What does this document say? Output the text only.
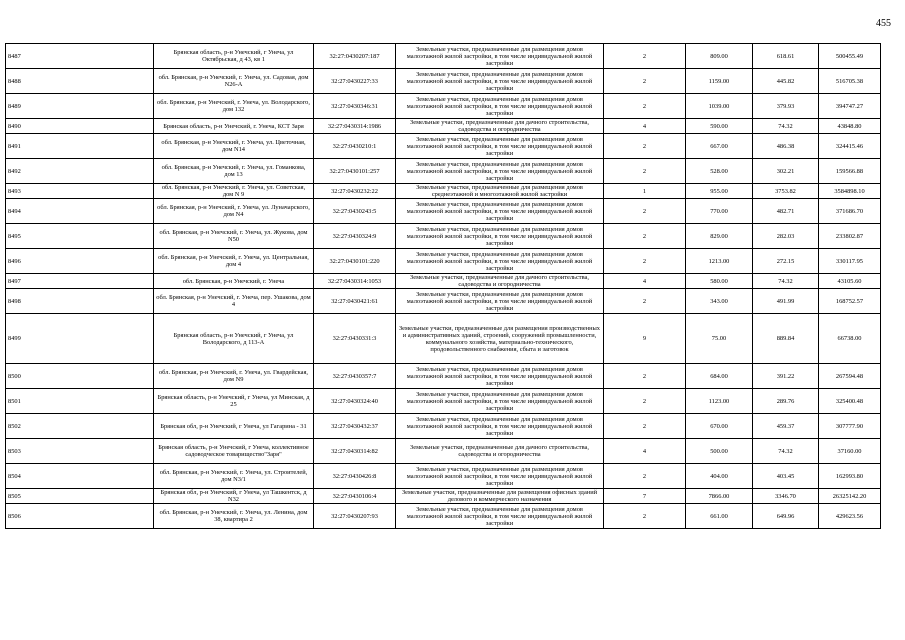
455
8487	Брянская область, р-н Унечский, г Унеча, ул Октябрьская, д 43, кв 1	32:27:0430207:187	Земельные участки, предназначенные для размещения домов малоэтажной жилой застройки, в том числе индивидуальной жилой застройки	2	809.00	618.61	500455.49
8488	обл. Брянская, р-н Унечский, г. Унеча, ул. Садовая, дом N26-А	32:27:0430227:33	Земельные участки, предназначенные для размещения домов малоэтажной жилой застройки, в том числе индивидуальной жилой застройки	2	1159.00	445.82	516705.38
8489	обл. Брянская, р-н Унечский, г. Унеча, ул. Володарского, дом 132	32:27:0430346:31	Земельные участки, предназначенные для размещения домов малоэтажной жилой застройки, в том числе индивидуальной жилой застройки	2	1039.00	379.93	394747.27
8490	Брянская область, р-н Унечский, г. Унеча, КСТ Заря	32:27:0430314:1986	Земельные участки, предназначенные для дачного строительства, садоводства и огородничества	4	590.00	74.32	43848.80
8491	обл. Брянская, р-н Унечский, г. Унеча, ул. Цветочная, дом N14	32:27:0430210:1	Земельные участки, предназначенные для размещения домов малоэтажной жилой застройки, в том числе индивидуальной жилой застройки	2	667.00	486.38	324415.46
8492	обл. Брянская, р-н Унечский, г. Унеча, ул. Гоманкова, дом 13	32:27:0430101:257	Земельные участки, предназначенные для размещения домов малоэтажной жилой застройки, в том числе индивидуальной жилой застройки	2	528.00	302.21	159566.88
8493	обл. Брянская, р-н Унечский, г. Унеча, ул. Советская, дом N 9	32:27:0430232:22	Земельные участки, предназначенные для размещения домов среднеэтажной и многоэтажной жилой застройки	1	955.00	3753.82	3584898.10
8494	обл. Брянская, р-н Унечский, г. Унеча, ул. Луначарского, дом N4	32:27:0430243:5	Земельные участки, предназначенные для размещения домов малоэтажной жилой застройки, в том числе индивидуальной жилой застройки	2	770.00	482.71	371686.70
8495	обл. Брянская, р-н Унечский, г. Унеча, ул. Жукова, дом N50	32:27:0430324:9	Земельные участки, предназначенные для размещения домов малоэтажной жилой застройки, в том числе индивидуальной жилой застройки	2	829.00	282.03	233802.87
8496	обл. Брянская, р-н Унечский, г. Унеча, ул. Центральная, дом 4	32:27:0430101:220	Земельные участки, предназначенные для размещения домов малоэтажной жилой застройки, в том числе индивидуальной жилой застройки	2	1213.00	272.15	330117.95
8497	обл. Брянская, р-н Унечский, г. Унеча	32:27:0430314:1053	Земельные участки, предназначенные для дачного строительства, садоводства и огородничества	4	580.00	74.32	43105.60
8498	обл. Брянская, р-н Унечский, г. Унеча, пер. Ушакова, дом 4	32:27:0430421:61	Земельные участки, предназначенные для размещения домов малоэтажной жилой застройки, в том числе индивидуальной жилой застройки	2	343.00	491.99	168752.57
8499	Брянская область, р-н Унечский, г Унеча, ул Володарского, д 113-А	32:27:0430331:3	Земельные участки, предназначенные для размещения производственных и административных зданий, строений, сооружений промышленности, коммунального хозяйства, материально-технического, продовольственного снабжения, сбыта и заготовок	9	75.00	889.84	66738.00
8500	обл. Брянская, р-н Унечский, г. Унеча, ул. Гвардейская, дом N9	32:27:0430357:7	Земельные участки, предназначенные для размещения домов малоэтажной жилой застройки, в том числе индивидуальной жилой застройки	2	684.00	391.22	267594.48
8501	Брянская область, р-н Унечский, г Унеча, ул Минская, д 25	32:27:0430324:40	Земельные участки, предназначенные для размещения домов малоэтажной жилой застройки, в том числе индивидуальной жилой застройки	2	1123.00	289.76	325400.48
8502	Брянская обл, р-н Унечский, г Унеча, ул Гагарина - 31	32:27:0430432:37	Земельные участки, предназначенные для размещения домов малоэтажной жилой застройки, в том числе индивидуальной жилой застройки	2	670.00	459.37	307777.90
8503	Брянская область, р-н Унечский, г Унеча, коллективное садоводческое товарищество"Заря"	32:27:0430314:82	Земельные участки, предназначенные для дачного строительства, садоводства и огородничества	4	500.00	74.32	37160.00
8504	обл. Брянская, р-н Унечский, г. Унеча, ул. Строителей, дом N3/1	32:27:0430426:8	Земельные участки, предназначенные для размещения домов малоэтажной жилой застройки, в том числе индивидуальной жилой застройки	2	404.00	403.45	162993.80
8505	Брянская обл, р-н Унечский, г Унеча, ул Ташкентск, д N32	32:27:0430106:4	Земельные участки, предназначенные для размещения офисных зданий делового и коммерческого назначения	7	7866.00	3346.70	26325142.20
8506	обл. Брянская, р-н Унечский, г. Унеча, ул. Ленина, дом 38, квартира 2	32:27:0430207:93	Земельные участки, предназначенные для размещения домов малоэтажной жилой застройки, в том числе индивидуальной жилой застройки	2	661.00	649.96	429623.56
